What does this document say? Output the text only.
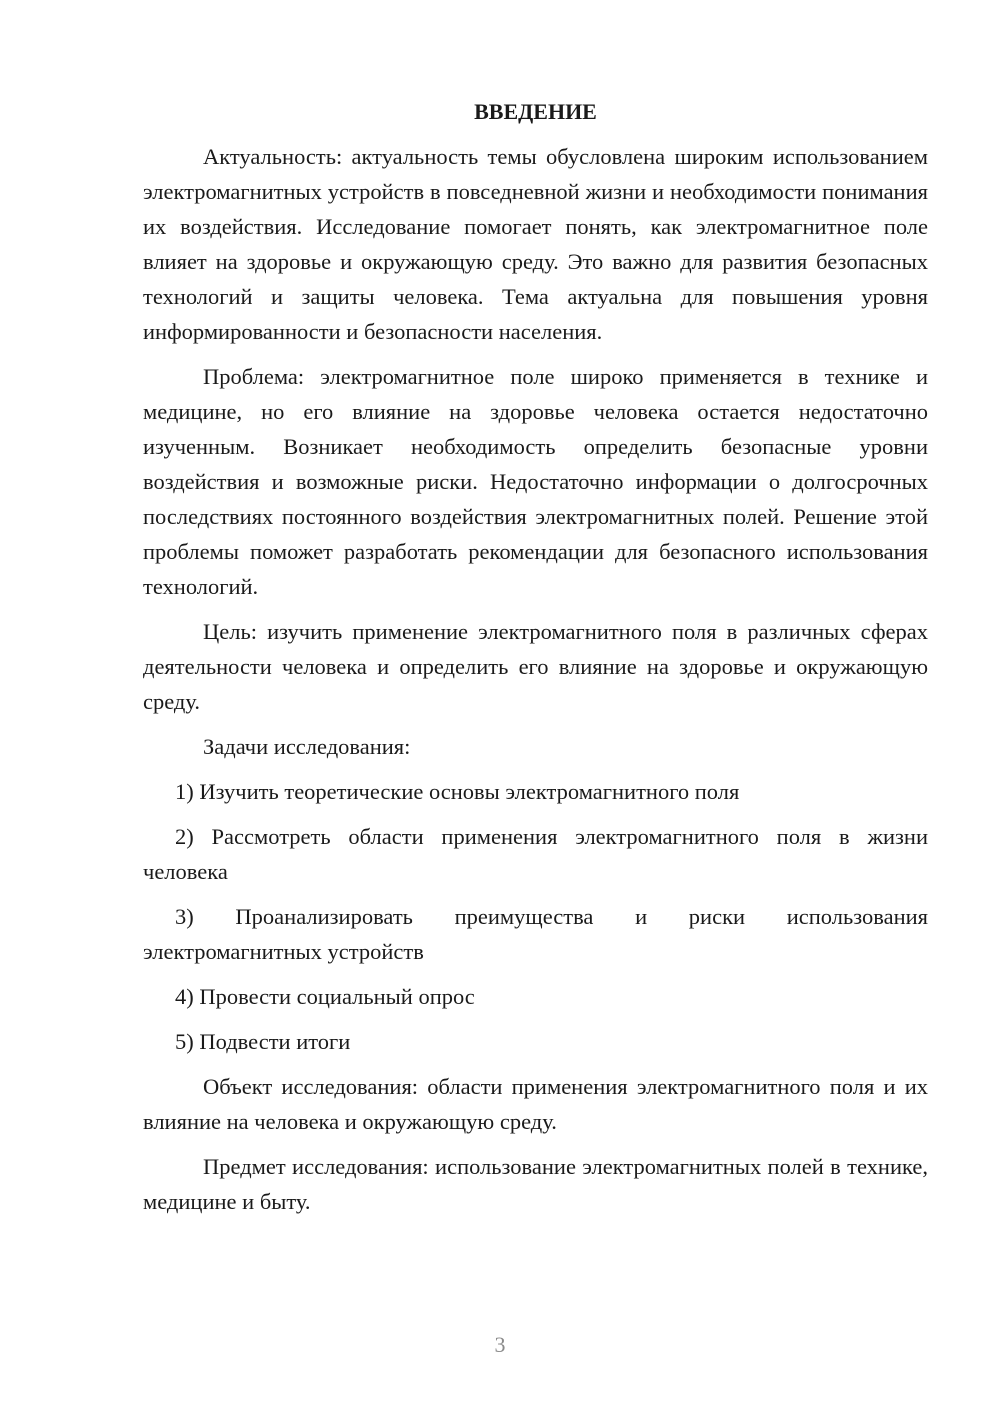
ВВЕДЕНИЕ

Актуальность: актуальность темы обусловлена широким использованием электромагнитных устройств в повседневной жизни и необходимости понимания их воздействия. Исследование помогает понять, как электромагнитное поле влияет на здоровье и окружающую среду. Это важно для развития безопасных технологий и защиты человека. Тема актуальна для повышения уровня информированности и безопасности населения.

Проблема: электромагнитное поле широко применяется в технике и медицине, но его влияние на здоровье человека остается недостаточно изученным. Возникает необходимость определить безопасные уровни воздействия и возможные риски. Недостаточно информации о долгосрочных последствиях постоянного воздействия электромагнитных полей. Решение этой проблемы поможет разработать рекомендации для безопасного использования технологий.

Цель: изучить применение электромагнитного поля в различных сферах деятельности человека и определить его влияние на здоровье и окружающую среду.

Задачи исследования:

1) Изучить теоретические основы электромагнитного поля

2) Рассмотреть области применения электромагнитного поля в жизни человека

3) Проанализировать преимущества и риски использования электромагнитных устройств

4) Провести социальный опрос

5) Подвести итоги

Объект исследования: области применения электромагнитного поля и их влияние на человека и окружающую среду.

Предмет исследования: использование электромагнитных полей в технике, медицине и быту.

3
